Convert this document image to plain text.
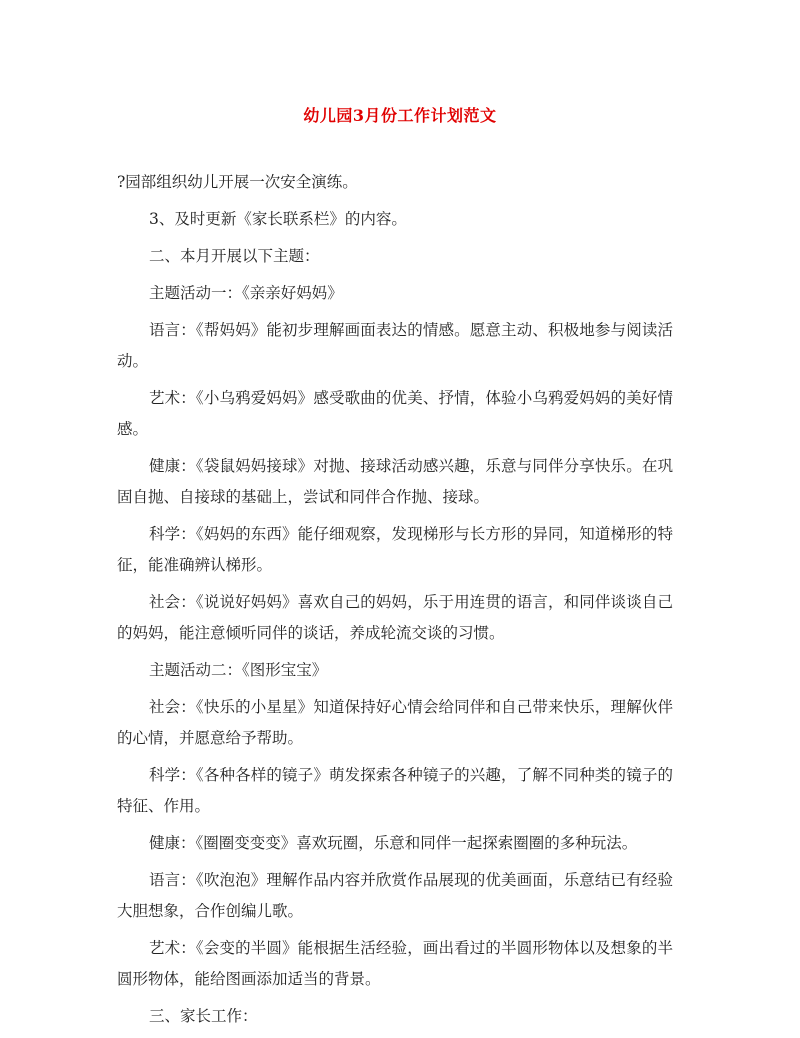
幼儿园3月份工作计划范文

?园部组织幼儿开展一次安全演练。

3、及时更新《家长联系栏》的内容。

二、本月开展以下主题：

主题活动一：《亲亲好妈妈》

语言：《帮妈妈》能初步理解画面表达的情感。愿意主动、积极地参与阅读活动。

艺术：《小乌鸦爱妈妈》感受歌曲的优美、抒情，体验小乌鸦爱妈妈的美好情感。

健康：《袋鼠妈妈接球》对抛、接球活动感兴趣，乐意与同伴分享快乐。在巩固自抛、自接球的基础上，尝试和同伴合作抛、接球。

科学：《妈妈的东西》能仔细观察，发现梯形与长方形的异同，知道梯形的特征，能准确辨认梯形。

社会：《说说好妈妈》喜欢自己的妈妈，乐于用连贯的语言，和同伴谈谈自己的妈妈，能注意倾听同伴的谈话，养成轮流交谈的习惯。

主题活动二：《图形宝宝》

社会：《快乐的小星星》知道保持好心情会给同伴和自己带来快乐，理解伙伴的心情，并愿意给予帮助。

科学：《各种各样的镜子》萌发探索各种镜子的兴趣，了解不同种类的镜子的特征、作用。

健康：《圈圈变变变》喜欢玩圈，乐意和同伴一起探索圈圈的多种玩法。

语言：《吹泡泡》理解作品内容并欣赏作品展现的优美画面，乐意结已有经验大胆想象，合作创编儿歌。

艺术：《会变的半圆》能根据生活经验，画出看过的半圆形物体以及想象的半圆形物体，能给图画添加适当的背景。

三、家长工作：
